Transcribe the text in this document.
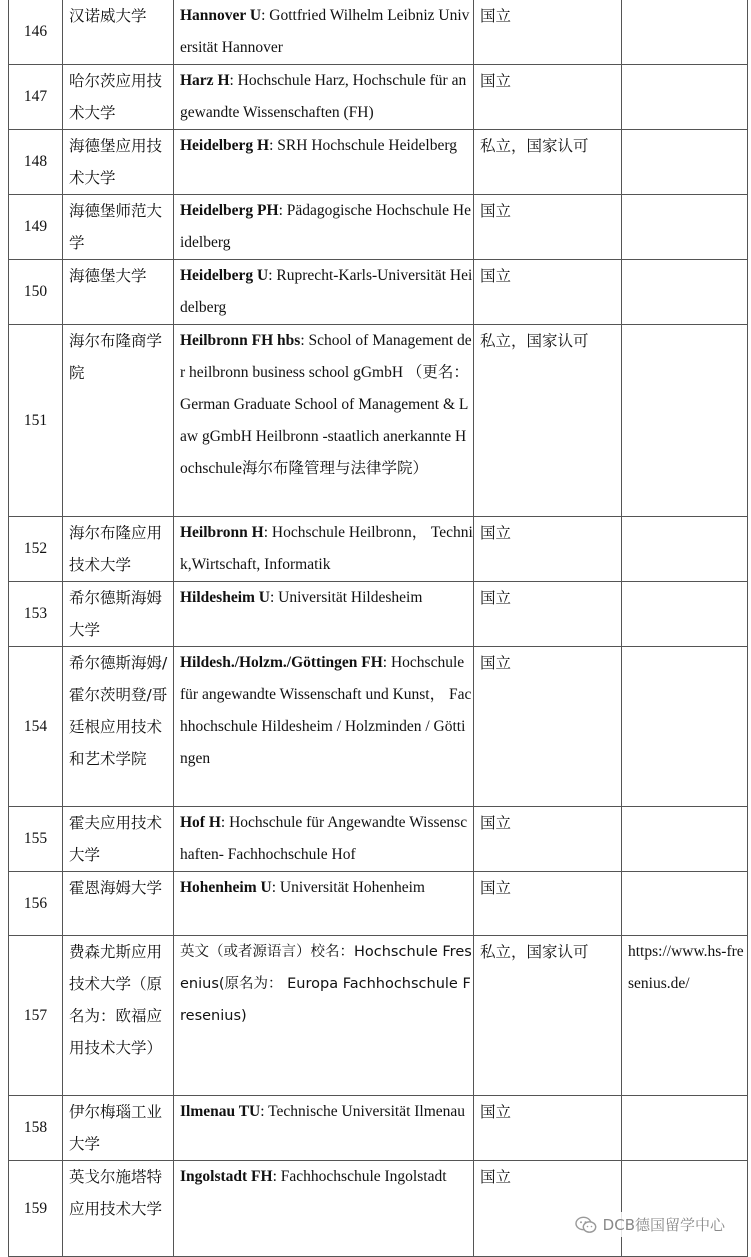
146	汉诺威大学	Hannover U: Gottfried Wilhelm Leibniz Universität Hannover	国立	
147	哈尔茨应用技术大学	Harz H: Hochschule Harz, Hochschule für angewandte Wissenschaften (FH)	国立	
148	海德堡应用技术大学	Heidelberg H: SRH Hochschule Heidelberg	私立，国家认可	
149	海德堡师范大学	Heidelberg PH: Pädagogische Hochschule Heidelberg	国立	
150	海德堡大学	Heidelberg U: Ruprecht-Karls-Universität Heidelberg	国立	
151	海尔布隆商学院	Heilbronn FH hbs: School of Management der heilbronn business school gGmbH （更名： German Graduate School of Management & Law gGmbH Heilbronn -staatlich anerkannte Hochschule海尔布隆管理与法律学院）	私立，国家认可	
152	海尔布隆应用技术大学	Heilbronn H: Hochschule Heilbronn， Technik,Wirtschaft, Informatik	国立	
153	希尔德斯海姆大学	Hildesheim U: Universität Hildesheim	国立	
154	希尔德斯海姆/霍尔茨明登/哥廷根应用技术和艺术学院	Hildesh./Holzm./Göttingen FH: Hochschule für angewandte Wissenschaft und Kunst， Fachhochschule Hildesheim / Holzminden / Göttingen	国立	
155	霍夫应用技术大学	Hof H: Hochschule für Angewandte Wissenschaften- Fachhochschule Hof	国立	
156	霍恩海姆大学	Hohenheim U: Universität Hohenheim	国立	
157	费森尤斯应用技术大学（原名为：欧福应用技术大学）	英文（或者源语言）校名：Hochschule Fresenius(原名为： Europa Fachhochschule Fresenius)	私立，国家认可	https://www.hs-fresenius.de/
158	伊尔梅瑙工业大学	Ilmenau TU: Technische Universität Ilmenau	国立	
159	英戈尔施塔特应用技术大学	Ingolstadt FH: Fachhochschule Ingolstadt	国立	
DCB德国留学中心
